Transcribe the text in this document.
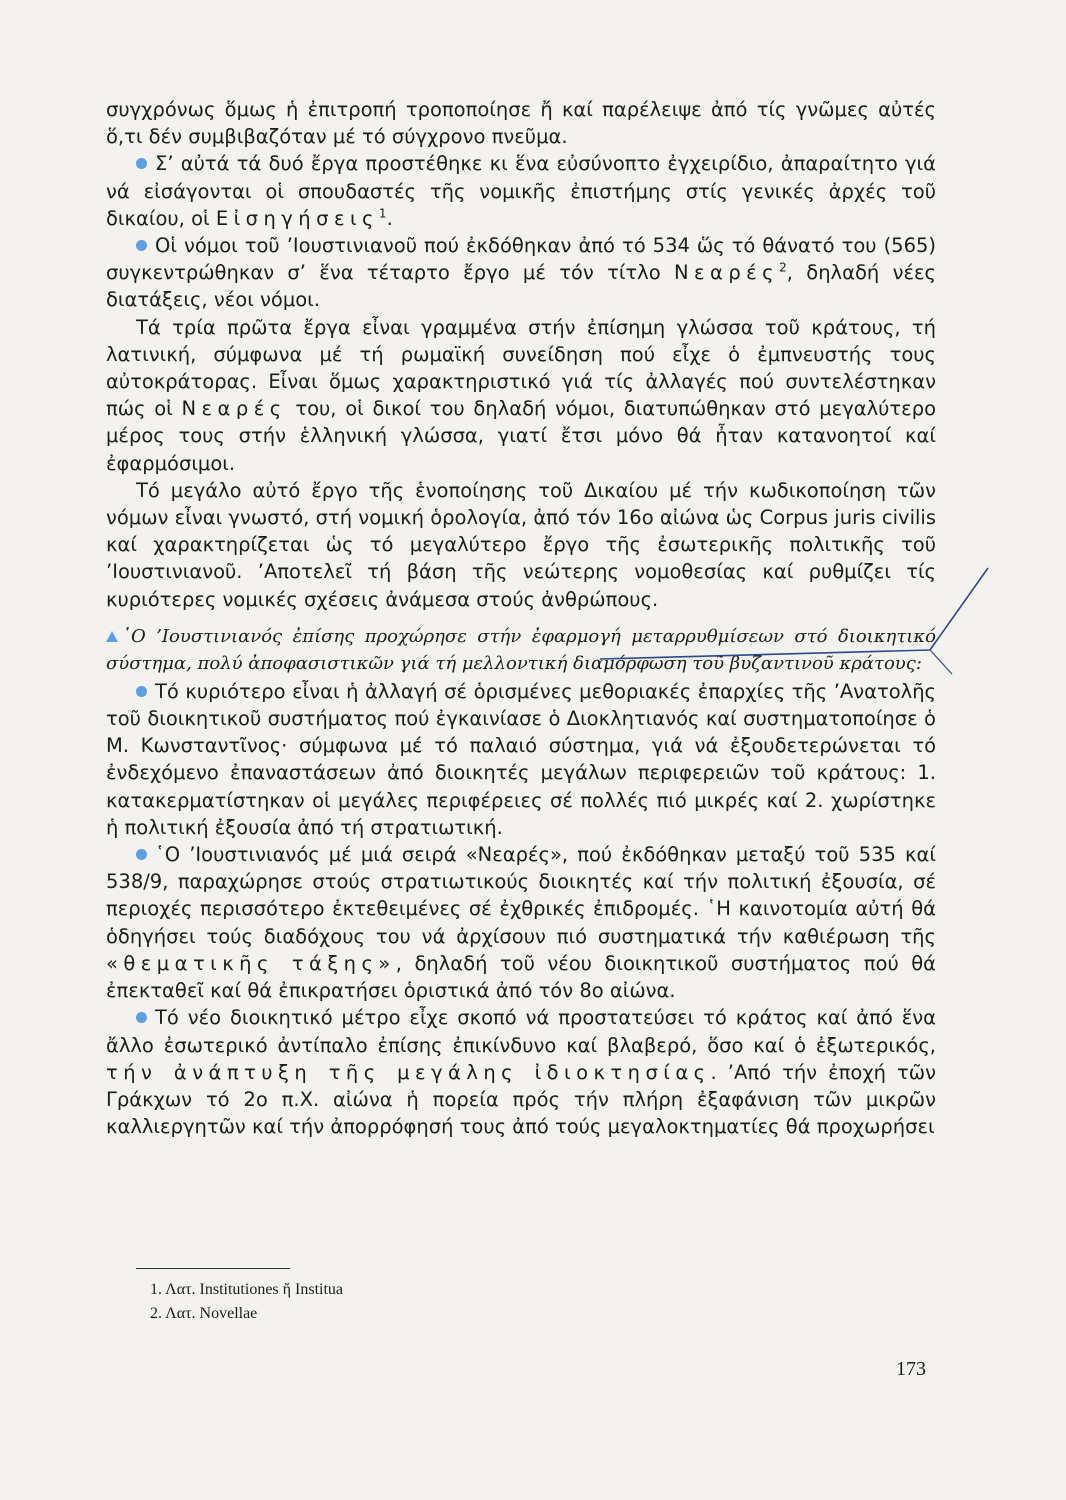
συγχρόνως ὅμως ἡ ἐπιτροπή τροποποίησε ἤ καί παρέλειψε ἀπό τίς γνῶμες αὐτές ὅ,τι δέν συμβιβαζόταν μέ τό σύγχρονο πνεῦμα.

Σ’ αὐτά τά δυό ἔργα προστέθηκε κι ἕνα εὐσύνοπτο ἐγχειρίδιο, ἀπαραίτητο γιά νά εἰσάγονται οἱ σπουδαστές τῆς νομικῆς ἐπιστήμης στίς γενικές ἀρχές τοῦ δικαίου, οἱ Εἰσηγήσεις$^1$.

Οἱ νόμοι τοῦ ’Ιουστινιανοῦ πού ἐκδόθηκαν ἀπό τό 534 ὥς τό θάνατό του (565) συγκεντρώθηκαν σ’ ἕνα τέταρτο ἔργο μέ τόν τίτλο Νεαρές$^2$, δηλαδή νέες διατάξεις, νέοι νόμοι.

Τά τρία πρῶτα ἔργα εἶναι γραμμένα στήν ἐπίσημη γλώσσα τοῦ κράτους, τή λατινική, σύμφωνα μέ τή ρωμαϊκή συνείδηση πού εἶχε ὁ ἐμπνευστής τους αὐτοκράτορας. Εἶναι ὅμως χαρακτηριστικό γιά τίς ἀλλαγές πού συντελέστηκαν πώς οἱ Νεαρές του, οἱ δικοί του δηλαδή νόμοι, διατυπώθηκαν στό μεγαλύτερο μέρος τους στήν ἑλληνική γλώσσα, γιατί ἔτσι μόνο θά ἦταν κατανοητοί καί ἐφαρμόσιμοι.

Τό μεγάλο αὐτό ἔργο τῆς ἑνοποίησης τοῦ Δικαίου μέ τήν κωδικοποίηση τῶν νόμων εἶναι γνωστό, στή νομική ὁρολογία, ἀπό τόν 16ο αἰώνα ὡς Corpus juris civilis καί χαρακτηρίζεται ὡς τό μεγαλύτερο ἔργο τῆς ἐσωτερικῆς πολιτικῆς τοῦ ’Ιουστινιανοῦ. ’Αποτελεῖ τή βάση τῆς νεώτερης νομοθεσίας καί ρυθμίζει τίς κυριότερες νομικές σχέσεις ἀνάμεσα στούς ἀνθρώπους.

῾Ο ’Ιουστινιανός ἐπίσης προχώρησε στήν ἐφαρμογή μεταρρυθμίσεων στό διοικητικό σύστημα, πολύ ἀποφασιστικῶν γιά τή μελλοντική διαμόρφωση τοῦ βυζαντινοῦ κράτους:

Τό κυριότερο εἶναι ἡ ἀλλαγή σέ ὁρισμένες μεθοριακές ἐπαρχίες τῆς ’Ανατολῆς τοῦ διοικητικοῦ συστήματος πού ἐγκαινίασε ὁ Διοκλητιανός καί συστηματοποίησε ὁ Μ. Κωνσταντῖνος· σύμφωνα μέ τό παλαιό σύστημα, γιά νά ἐξουδετερώνεται τό ἐνδεχόμενο ἐπαναστάσεων ἀπό διοικητές μεγάλων περιφερειῶν τοῦ κράτους: 1. κατακερματίστηκαν οἱ μεγάλες περιφέρειες σέ πολλές πιό μικρές καί 2. χωρίστηκε ἡ πολιτική ἐξουσία ἀπό τή στρατιωτική.

῾Ο ’Ιουστινιανός μέ μιά σειρά «Νεαρές», πού ἐκδόθηκαν μεταξύ τοῦ 535 καί 538/9, παραχώρησε στούς στρατιωτικούς διοικητές καί τήν πολιτική ἐξουσία, σέ περιοχές περισσότερο ἐκτεθειμένες σέ ἐχθρικές ἐπιδρομές. ῾Η καινοτομία αὐτή θά ὁδηγήσει τούς διαδόχους του νά ἀρχίσουν πιό συστηματικά τήν καθιέρωση τῆς «θεματικῆς τάξης», δηλαδή τοῦ νέου διοικητικοῦ συστήματος πού θά ἐπεκταθεῖ καί θά ἐπικρατήσει ὁριστικά ἀπό τόν 8ο αἰώνα.

Τό νέο διοικητικό μέτρο εἶχε σκοπό νά προστατεύσει τό κράτος καί ἀπό ἕνα ἄλλο ἐσωτερικό ἀντίπαλο ἐπίσης ἐπικίνδυνο καί βλαβερό, ὅσο καί ὁ ἐξωτερικός, τήν ἀνάπτυξη τῆς μεγάλης ἰδιοκτησίας. ’Από τήν ἐποχή τῶν Γράκχων τό 2ο π.Χ. αἰώνα ἡ πορεία πρός τήν πλήρη ἐξαφάνιση τῶν μικρῶν καλλιεργητῶν καί τήν ἀπορρόφησή τους ἀπό τούς μεγαλοκτηματίες θά προχωρήσει

1. Λατ. Institutiones ἤ Institua
2. Λατ. Novellae
173
